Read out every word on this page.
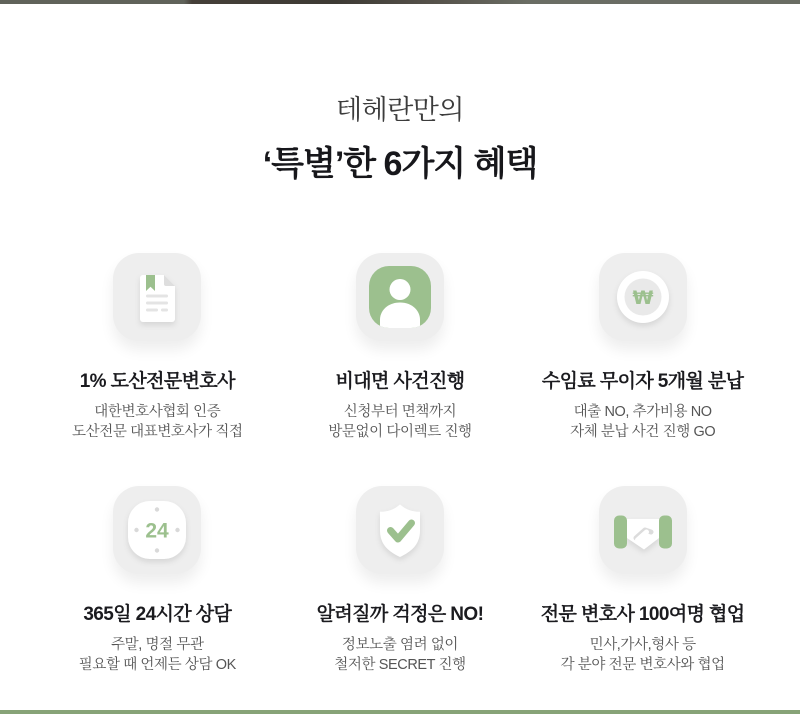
테헤란만의
‘특별’한 6가지 혜택
1% 도산전문변호사
대한변호사협회 인증
도산전문 대표변호사가 직접
비대면 사건진행
신청부터 면책까지
방문없이 다이렉트 진행
₩
수임료 무이자 5개월 분납
대출 NO, 추가비용 NO
자체 분납 사건 진행 GO
24
365일 24시간 상담
주말, 명절 무관
필요할 때 언제든 상담 OK
알려질까 걱정은 NO!
정보노출 염려 없이
철저한 SECRET 진행
전문 변호사 100여명 협업
민사,가사,형사 등
각 분야 전문 변호사와 협업
